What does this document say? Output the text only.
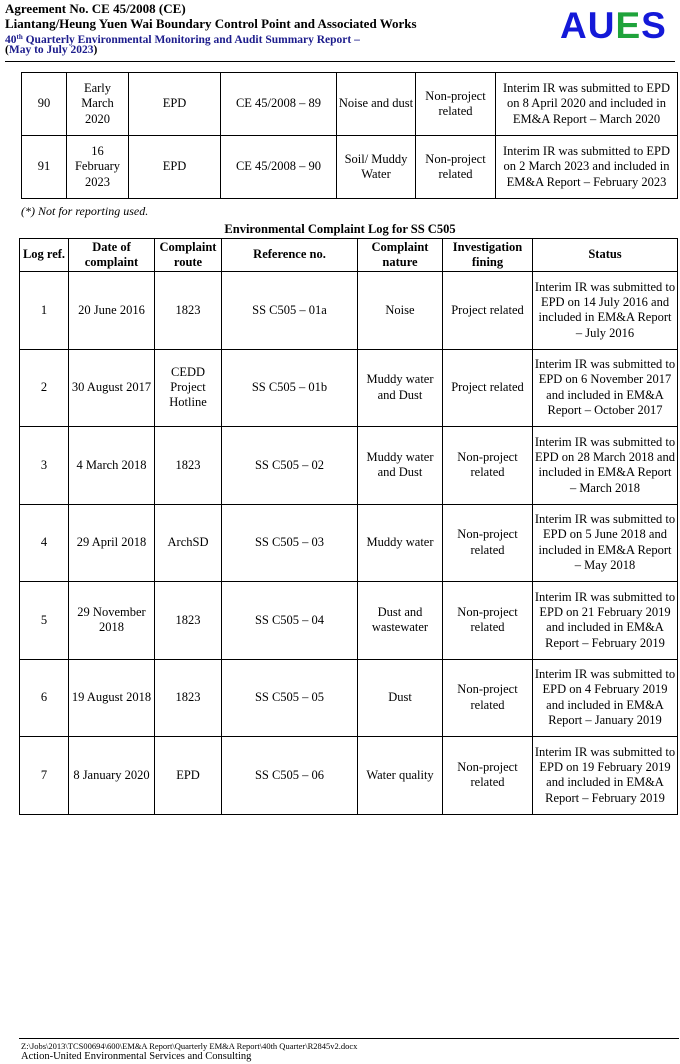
Agreement No. CE 45/2008 (CE)
Liantang/Heung Yuen Wai Boundary Control Point and Associated Works
40th Quarterly Environmental Monitoring and Audit Summary Report –
(May to July 2023)
AUES
90	Early March 2020	EPD	CE 45/2008 – 89	Noise and dust	Non-project related	Interim IR was submitted to EPD on 8 April 2020 and included in EM&A Report – March 2020
91	16 February 2023	EPD	CE 45/2008 – 90	Soil/ Muddy Water	Non-project related	Interim IR was submitted to EPD on 2 March 2023 and included in EM&A Report – February 2023
(*) Not for reporting used.
Environmental Complaint Log for SS C505
Log ref.	Date of complaint	Complaint route	Reference no.	Complaint nature	Investigation fining	Status
1	20 June 2016	1823	SS C505 – 01a	Noise	Project related	Interim IR was submitted to EPD on 14 July 2016 and included in EM&A Report – July 2016
2	30 August 2017	CEDD Project Hotline	SS C505 – 01b	Muddy water and Dust	Project related	Interim IR was submitted to EPD on 6 November 2017 and included in EM&A Report – October 2017
3	4 March 2018	1823	SS C505 – 02	Muddy water and Dust	Non-project related	Interim IR was submitted to EPD on 28 March 2018 and included in EM&A Report – March 2018
4	29 April 2018	ArchSD	SS C505 – 03	Muddy water	Non-project related	Interim IR was submitted to EPD on 5 June 2018 and included in EM&A Report – May 2018
5	29 November 2018	1823	SS C505 – 04	Dust and wastewater	Non-project related	Interim IR was submitted to EPD on 21 February 2019 and included in EM&A Report – February 2019
6	19 August 2018	1823	SS C505 – 05	Dust	Non-project related	Interim IR was submitted to EPD on 4 February 2019 and included in EM&A Report – January 2019
7	8 January 2020	EPD	SS C505 – 06	Water quality	Non-project related	Interim IR was submitted to EPD on 19 February 2019 and included in EM&A Report – February 2019
Z:\Jobs\2013\TCS00694\600\EM&A Report\Quarterly EM&A Report\40th Quarter\R2845v2.docx
Action-United Environmental Services and Consulting
